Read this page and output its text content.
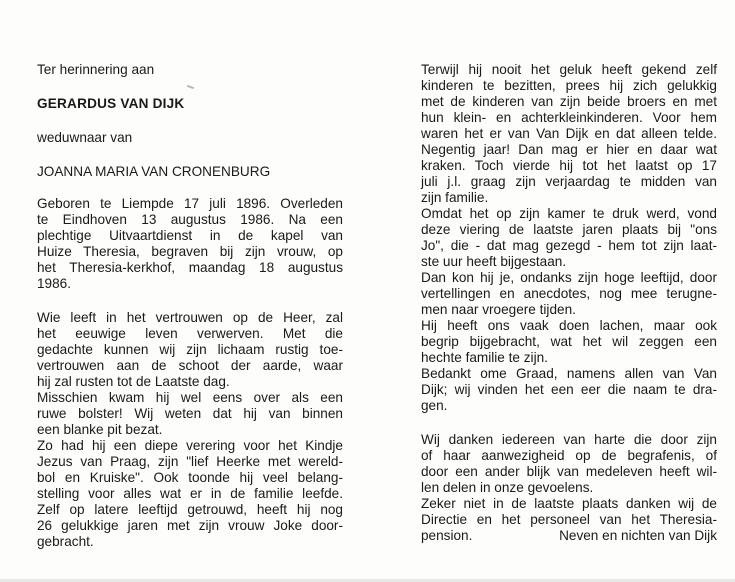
Ter herinnering aan
GERARDUS VAN DIJK
weduwnaar van
JOANNA MARIA VAN CRONENBURG
Geboren te Liempde 17 juli 1896. Overleden
te Eindhoven 13 augustus 1986. Na een
plechtige Uitvaartdienst in de kapel van
Huize Theresia, begraven bij zijn vrouw, op
het Theresia-kerkhof, maandag 18 augustus
1986.
Wie leeft in het vertrouwen op de Heer, zal
het eeuwige leven verwerven. Met die
gedachte kunnen wij zijn lichaam rustig toe-
vertrouwen aan de schoot der aarde, waar
hij zal rusten tot de Laatste dag.
Misschien kwam hij wel eens over als een
ruwe bolster! Wij weten dat hij van binnen
een blanke pit bezat.
Zo had hij een diepe verering voor het Kindje
Jezus van Praag, zijn "lief Heerke met wereld-
bol en Kruiske". Ook toonde hij veel belang-
stelling voor alles wat er in de familie leefde.
Zelf op latere leeftijd getrouwd, heeft hij nog
26 gelukkige jaren met zijn vrouw Joke door-
gebracht.
Terwijl hij nooit het geluk heeft gekend zelf
kinderen te bezitten, prees hij zich gelukkig
met de kinderen van zijn beide broers en met
hun klein- en achterkleinkinderen. Voor hem
waren het er van Van Dijk en dat alleen telde.
Negentig jaar! Dan mag er hier en daar wat
kraken. Toch vierde hij tot het laatst op 17
juli j.l. graag zijn verjaardag te midden van
zijn familie.
Omdat het op zijn kamer te druk werd, vond
deze viering de laatste jaren plaats bij "ons
Jo", die - dat mag gezegd - hem tot zijn laat-
ste uur heeft bijgestaan.
Dan kon hij je, ondanks zijn hoge leeftijd, door
vertellingen en anecdotes, nog mee terugne-
men naar vroegere tijden.
Hij heeft ons vaak doen lachen, maar ook
begrip bijgebracht, wat het wil zeggen een
hechte familie te zijn.
Bedankt ome Graad, namens allen van Van
Dijk; wij vinden het een eer die naam te dra-
gen.
Wij danken iedereen van harte die door zijn
of haar aanwezigheid op de begrafenis, of
door een ander blijk van medeleven heeft wil-
len delen in onze gevoelens.
Zeker niet in de laatste plaats danken wij de
Directie en het personeel van het Theresia-
pension.	Neven en nichten van Dijk
